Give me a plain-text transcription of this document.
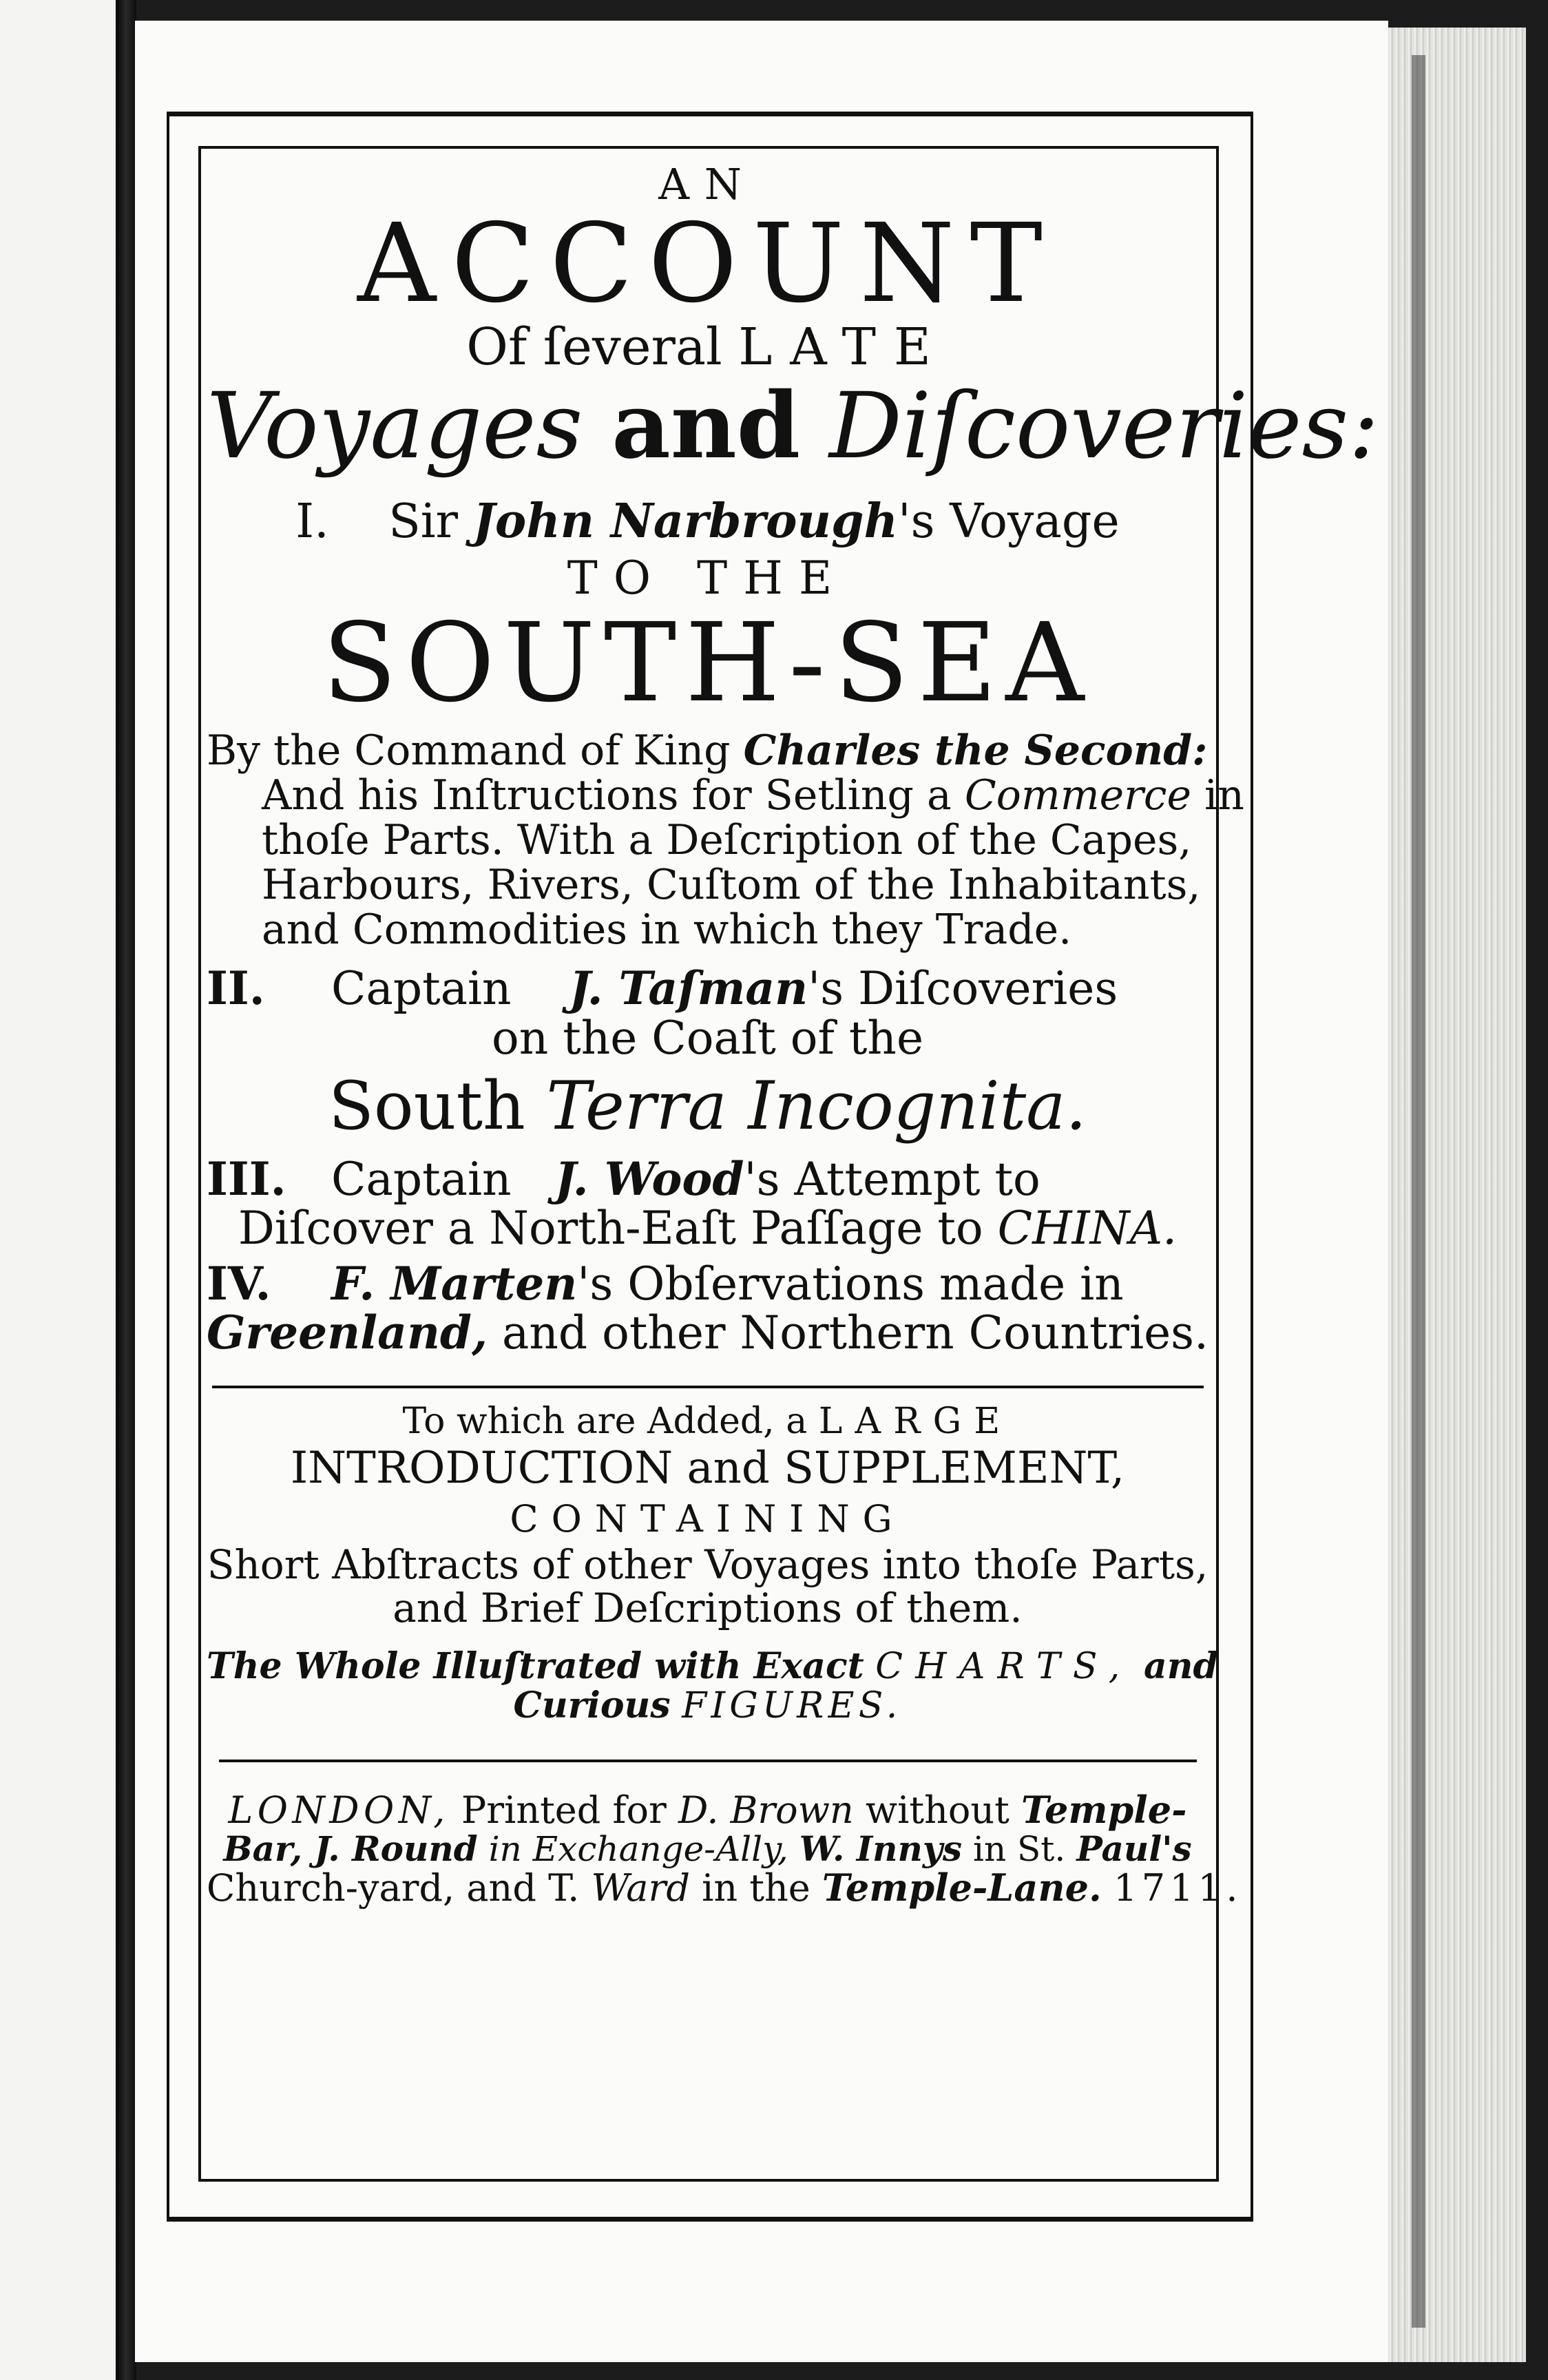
AN

ACCOUNT

Of ſeveral LATE

Voyages and Diſcoveries:

I. Sir John Narbrough's Voyage

TO THE

SOUTH-SEA

By the Command of King Charles the Second:

And his Inſtructions for Setling a Commerce in

thoſe Parts. With a Deſcription of the Capes,

Harbours, Rivers, Cuſtom of the Inhabitants,

and Commodities in which they Trade.

II. Captain J. Taſman's Diſcoveries

on the Coaſt of the

South Terra Incognita.

III. Captain J. Wood's Attempt to

Diſcover a North-Eaſt Paſſage to CHINA.

IV. F. Marten's Obſervations made in

Greenland, and other Northern Countries.

To which are Added, a LARGE

INTRODUCTION and SUPPLEMENT,

CONTAINING

Short Abſtracts of other Voyages into thoſe Parts,

and Brief Deſcriptions of them.

The Whole Illuſtrated with Exact CHARTS, and

Curious FIGURES.

LONDON, Printed for D. Brown without Temple-

Bar, J. Round in Exchange-Ally, W. Innys in St. Paul's

Church-yard, and T. Ward in the Temple-Lane. 1711.
